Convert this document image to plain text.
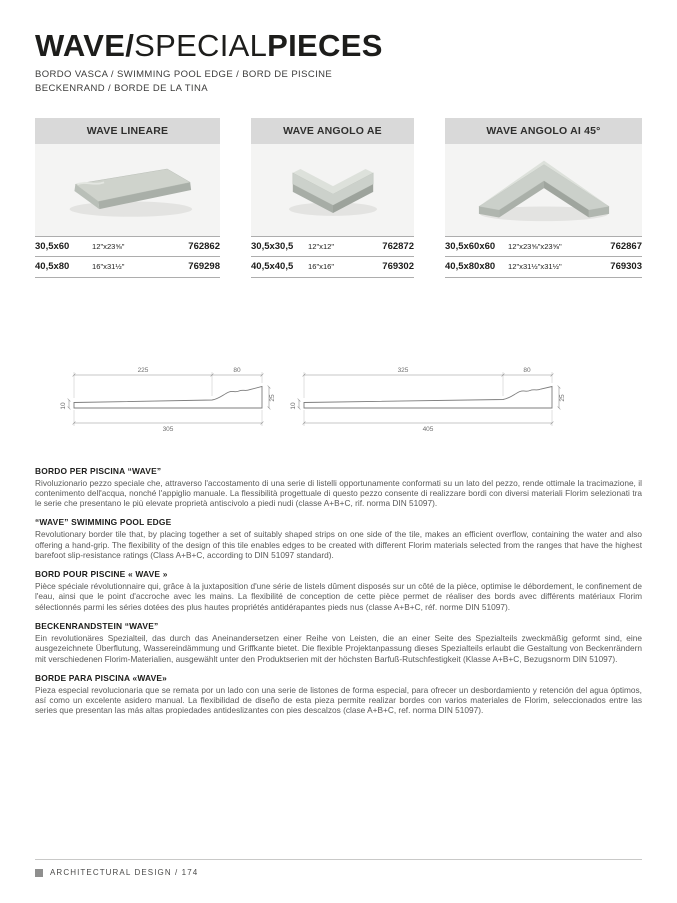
WAVE/SPECIALPIECES
BORDO VASCA / SWIMMING POOL EDGE / BORD DE PISCINE
BECKENRAND / BORDE DE LA TINA
WAVE LINEARE
30,5x60	12"x23⅝"	762862
40,5x80	16"x31½"	769298
WAVE ANGOLO AE
30,5x30,5	12"x12"	762872
40,5x40,5	16"x16"	769302
WAVE ANGOLO AI 45°
30,5x60x60	12"x23⅝"x23⅝"	762867
40,5x80x80	12"x31½"x31½"	769303
225	80
305
10
25
325	80
405
10
25
BORDO PER PISCINA “WAVE”

Rivoluzionario pezzo speciale che, attraverso l'accostamento di una serie di listelli opportunamente conformati su un lato del pezzo, rende ottimale la tracimazione, il contenimento dell'acqua, nonché l'appiglio manuale. La flessibilità progettuale di questo pezzo consente di realizzare bordi con diversi materiali Florim selezionati tra le serie che presentano le più elevate proprietà antiscivolo a piedi nudi (classe A+B+C, rif. norma DIN 51097).

“WAVE” SWIMMING POOL EDGE

Revolutionary border tile that, by placing together a set of suitably shaped strips on one side of the tile, makes an efficient overflow, containing the water and also offering a hand-grip. The flexibility of the design of this tile enables edges to be created with different Florim materials selected from the ranges that have the highest barefoot slip-resistance ratings (Class A+B+C, according to DIN 51097 standard).

BORD POUR PISCINE « WAVE »

Pièce spéciale révolutionnaire qui, grâce à la juxtaposition d'une série de listels dûment disposés sur un côté de la pièce, optimise le débordement, le confinement de l'eau, ainsi que le point d'accroche avec les mains. La flexibilité de conception de cette pièce permet de réaliser des bords avec différents matériaux Florim sélectionnés parmi les séries dotées des plus hautes propriétés antidérapantes pieds nus (classe A+B+C, réf. norme DIN 51097).

BECKENRANDSTEIN “WAVE”

Ein revolutionäres Spezialteil, das durch das Aneinandersetzen einer Reihe von Leisten, die an einer Seite des Spezialteils zweckmäßig geformt sind, eine ausgezeichnete Überflutung, Wassereindämmung und Griffkante bietet. Die flexible Projektanpassung dieses Spezialteils erlaubt die Gestaltung von Beckenrändern mit verschiedenen Florim-Materialien, ausgewählt unter den Produktserien mit der höchsten Barfuß-Rutschfestigkeit (Klasse A+B+C, Bezugsnorm DIN 51097).

BORDE PARA PISCINA «WAVE»

Pieza especial revolucionaria que se remata por un lado con una serie de listones de forma especial, para ofrecer un desbordamiento y retención del agua óptimos, así como un excelente asidero manual. La flexibilidad de diseño de esta pieza permite realizar bordes con varios materiales de Florim, seleccionados entre las series que presentan las más altas propiedades antideslizantes con pies descalzos (clase A+B+C, ref. norma DIN 51097).

ARCHITECTURAL DESIGN / 174
